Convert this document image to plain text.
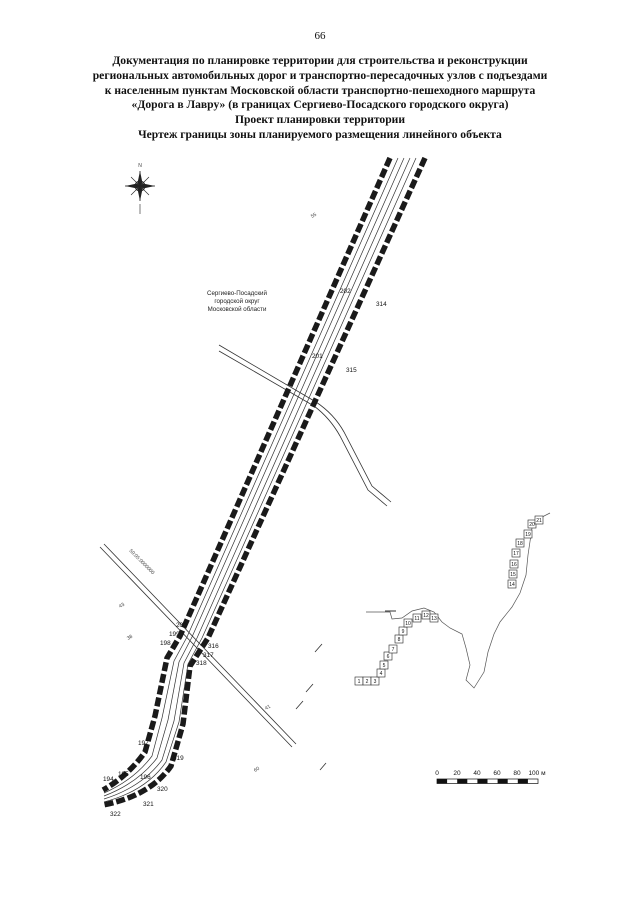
66
Документация по планировке территории для строительства и реконструкции
региональных автомобильных дорог и транспортно-пересадочных узлов с подъездами
к населенным пунктам Московской области транспортно-пешеходного маршрута
«Дорога в Лавру» (в границах Сергиево-Посадского городского округа)
Проект планировки территории
Чертеж границы зоны планируемого размещения линейного объекта
N
55
43
50:05:0000000
38
60
41
Сергиево-Посадский
городской округ
Московской области
202
201
200
199
198
197
195
194	196
314
315
316
317
318
319
320
321
322
1 2 3
4
5
6
7
8
9
10
11 12 13
14
15
16
17
18
19
20
21
0 20 40 60 80 100 м
